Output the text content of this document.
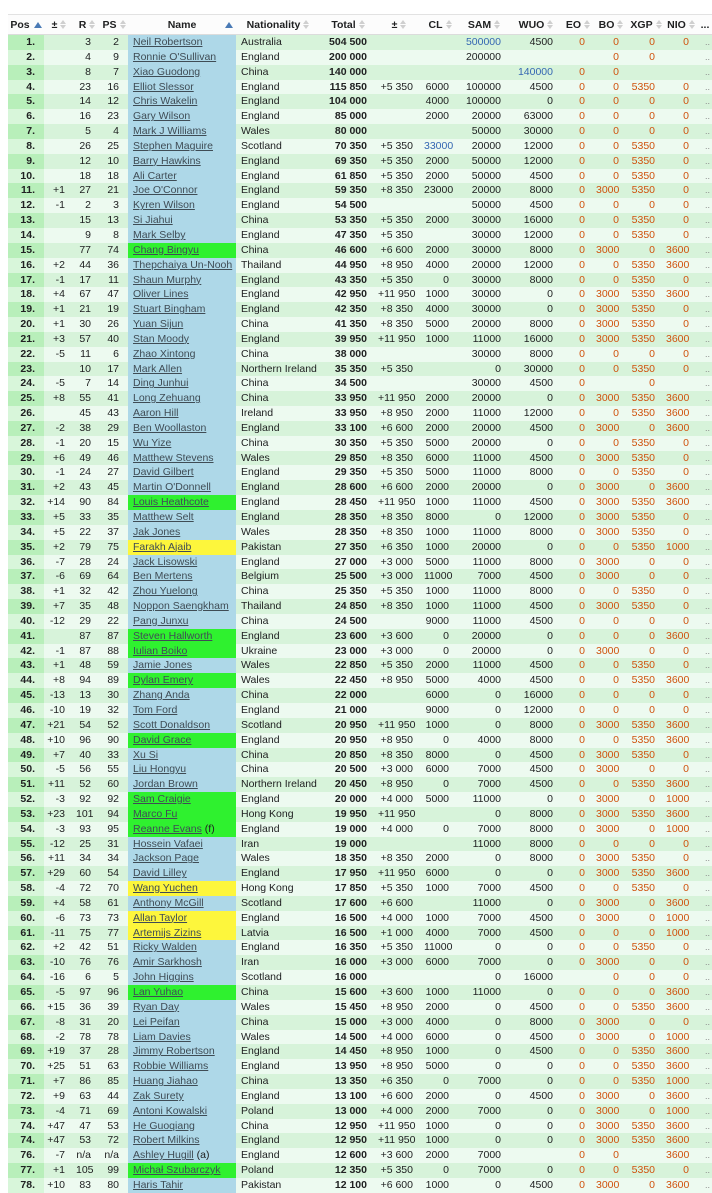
Pos	±	R	PS	Name	Nationality	Total	±	CL	SAM	WUO	EO	BO	XGP	NIO	...
1.		3	2	Neil Robertson	Australia	504 500			500000	4500	0	0	0	0	..
2.		4	9	Ronnie O'Sullivan	England	200 000			200000			0	0		..
3.		8	7	Xiao Guodong	China	140 000				140000	0	0			..
4.		23	16	Elliot Slessor	England	115 850	+5 350	6000	100000	4500	0	0	5350	0	..
5.		14	12	Chris Wakelin	England	104 000		4000	100000	0	0	0	0	0	..
6.		16	23	Gary Wilson	England	85 000		2000	20000	63000	0	0	0	0	..
7.		5	4	Mark J Williams	Wales	80 000			50000	30000	0	0	0	0	..
8.		26	25	Stephen Maguire	Scotland	70 350	+5 350	33000	20000	12000	0	0	5350	0	..
9.		12	10	Barry Hawkins	England	69 350	+5 350	2000	50000	12000	0	0	5350	0	..
10.		18	18	Ali Carter	England	61 850	+5 350	2000	50000	4500	0	0	5350	0	..
11.	+1	27	21	Joe O'Connor	England	59 350	+8 350	23000	20000	8000	0	3000	5350	0	..
12.	-1	2	3	Kyren Wilson	England	54 500			50000	4500	0	0	0	0	..
13.		15	13	Si Jiahui	China	53 350	+5 350	2000	30000	16000	0	0	5350	0	..
14.		9	8	Mark Selby	England	47 350	+5 350		30000	12000	0	0	5350	0	..
15.		77	74	Chang Bingyu	China	46 600	+6 600	2000	30000	8000	0	3000	0	3600	..
16.	+2	44	36	Thepchaiya Un-Nooh	Thailand	44 950	+8 950	4000	20000	12000	0	0	5350	3600	..
17.	-1	17	11	Shaun Murphy	England	43 350	+5 350	0	30000	8000	0	0	5350	0	..
18.	+4	67	47	Oliver Lines	England	42 950	+11 950	1000	30000	0	0	3000	5350	3600	..
19.	+1	21	19	Stuart Bingham	England	42 350	+8 350	4000	30000	0	0	3000	5350	0	..
20.	+1	30	26	Yuan Sijun	China	41 350	+8 350	5000	20000	8000	0	3000	5350	0	..
21.	+3	57	40	Stan Moody	England	39 950	+11 950	1000	11000	16000	0	3000	5350	3600	..
22.	-5	11	6	Zhao Xintong	China	38 000			30000	8000	0	0	0	0	..
23.		10	17	Mark Allen	Northern Ireland	35 350	+5 350		0	30000	0	0	5350	0	..
24.	-5	7	14	Ding Junhui	China	34 500			30000	4500	0		0		..
25.	+8	55	41	Long Zehuang	China	33 950	+11 950	2000	20000	0	0	3000	5350	3600	..
26.		45	43	Aaron Hill	Ireland	33 950	+8 950	2000	11000	12000	0	0	5350	3600	..
27.	-2	38	29	Ben Woollaston	England	33 100	+6 600	2000	20000	4500	0	3000	0	3600	..
28.	-1	20	15	Wu Yize	China	30 350	+5 350	5000	20000	0	0	0	5350	0	..
29.	+6	49	46	Matthew Stevens	Wales	29 850	+8 350	6000	11000	4500	0	3000	5350	0	..
30.	-1	24	27	David Gilbert	England	29 350	+5 350	5000	11000	8000	0	0	5350	0	..
31.	+2	43	45	Martin O'Donnell	England	28 600	+6 600	2000	20000	0	0	3000	0	3600	..
32.	+14	90	84	Louis Heathcote	England	28 450	+11 950	1000	11000	4500	0	3000	5350	3600	..
33.	+5	33	35	Matthew Selt	England	28 350	+8 350	8000	0	12000	0	3000	5350	0	..
34.	+5	22	37	Jak Jones	Wales	28 350	+8 350	1000	11000	8000	0	3000	5350	0	..
35.	+2	79	75	Farakh Ajaib	Pakistan	27 350	+6 350	1000	20000	0	0	0	5350	1000	..
36.	-7	28	24	Jack Lisowski	England	27 000	+3 000	5000	11000	8000	0	3000	0	0	..
37.	-6	69	64	Ben Mertens	Belgium	25 500	+3 000	11000	7000	4500	0	3000	0	0	..
38.	+1	32	42	Zhou Yuelong	China	25 350	+5 350	1000	11000	8000	0	0	5350	0	..
39.	+7	35	48	Noppon Saengkham	Thailand	24 850	+8 350	1000	11000	4500	0	3000	5350	0	..
40.	-12	29	22	Pang Junxu	China	24 500		9000	11000	4500	0	0	0	0	..
41.		87	87	Steven Hallworth	England	23 600	+3 600	0	20000	0	0	0	0	3600	..
42.	-1	87	88	Iulian Boiko	Ukraine	23 000	+3 000	0	20000	0	0	3000	0	0	..
43.	+1	48	59	Jamie Jones	Wales	22 850	+5 350	2000	11000	4500	0	0	5350	0	..
44.	+8	94	89	Dylan Emery	Wales	22 450	+8 950	5000	4000	4500	0	0	5350	3600	..
45.	-13	13	30	Zhang Anda	China	22 000		6000	0	16000	0	0	0	0	..
46.	-10	19	32	Tom Ford	England	21 000		9000	0	12000	0	0	0	0	..
47.	+21	54	52	Scott Donaldson	Scotland	20 950	+11 950	1000	0	8000	0	3000	5350	3600	..
48.	+10	96	90	David Grace	England	20 950	+8 950	0	4000	8000	0	0	5350	3600	..
49.	+7	40	33	Xu Si	China	20 850	+8 350	8000	0	4500	0	3000	5350	0	..
50.	-5	56	55	Liu Hongyu	China	20 500	+3 000	6000	7000	4500	0	3000	0	0	..
51.	+11	52	60	Jordan Brown	Northern Ireland	20 450	+8 950	0	7000	4500	0	0	5350	3600	..
52.	-3	92	92	Sam Craigie	England	20 000	+4 000	5000	11000	0	0	3000	0	1000	..
53.	+23	101	94	Marco Fu	Hong Kong	19 950	+11 950		0	8000	0	3000	5350	3600	..
54.	-3	93	95	Reanne Evans (f)	England	19 000	+4 000	0	7000	8000	0	3000	0	1000	..
55.	-12	25	31	Hossein Vafaei	Iran	19 000			11000	8000	0	0	0	0	..
56.	+11	34	34	Jackson Page	Wales	18 350	+8 350	2000	0	8000	0	3000	5350	0	..
57.	+29	60	54	David Lilley	England	17 950	+11 950	6000	0	0	0	3000	5350	3600	..
58.	-4	72	70	Wang Yuchen	Hong Kong	17 850	+5 350	1000	7000	4500	0	0	5350	0	..
59.	+4	58	61	Anthony McGill	Scotland	17 600	+6 600		11000	0	0	3000	0	3600	..
60.	-6	73	73	Allan Taylor	England	16 500	+4 000	1000	7000	4500	0	3000	0	1000	..
61.	-11	75	77	Artemijs Zizins	Latvia	16 500	+1 000	4000	7000	4500	0	0	0	1000	..
62.	+2	42	51	Ricky Walden	England	16 350	+5 350	11000	0	0	0	0	5350	0	..
63.	-10	76	76	Amir Sarkhosh	Iran	16 000	+3 000	6000	7000	0	0	3000	0	0	..
64.	-16	6	5	John Higgins	Scotland	16 000			0	16000		0	0	0	..
65.	-5	97	96	Lan Yuhao	China	15 600	+3 600	1000	11000	0	0	0	0	3600	..
66.	+15	36	39	Ryan Day	Wales	15 450	+8 950	2000	0	4500	0	0	5350	3600	..
67.	-8	31	20	Lei Peifan	China	15 000	+3 000	4000	0	8000	0	3000	0	0	..
68.	-2	78	78	Liam Davies	Wales	14 500	+4 000	6000	0	4500	0	3000	0	1000	..
69.	+19	37	28	Jimmy Robertson	England	14 450	+8 950	1000	0	4500	0	0	5350	3600	..
70.	+25	51	63	Robbie Williams	England	13 950	+8 950	5000	0	0	0	0	5350	3600	..
71.	+7	86	85	Huang Jiahao	China	13 350	+6 350	0	7000	0	0	0	5350	1000	..
72.	+9	63	44	Zak Surety	England	13 100	+6 600	2000	0	4500	0	3000	0	3600	..
73.	-4	71	69	Antoni Kowalski	Poland	13 000	+4 000	2000	7000	0	0	3000	0	1000	..
74.	+47	47	53	He Guoqiang	China	12 950	+11 950	1000	0	0	0	3000	5350	3600	..
74.	+47	53	72	Robert Milkins	England	12 950	+11 950	1000	0	0	0	3000	5350	3600	..
76.	-7	n/a	n/a	Ashley Hugill (a)	England	12 600	+3 600	2000	7000		0	0		3600	..
77.	+1	105	99	Michał Szubarczyk	Poland	12 350	+5 350	0	7000	0	0	0	5350	0	..
78.	+10	83	80	Haris Tahir	Pakistan	12 100	+6 600	1000	0	4500	0	3000	0	3600	..
